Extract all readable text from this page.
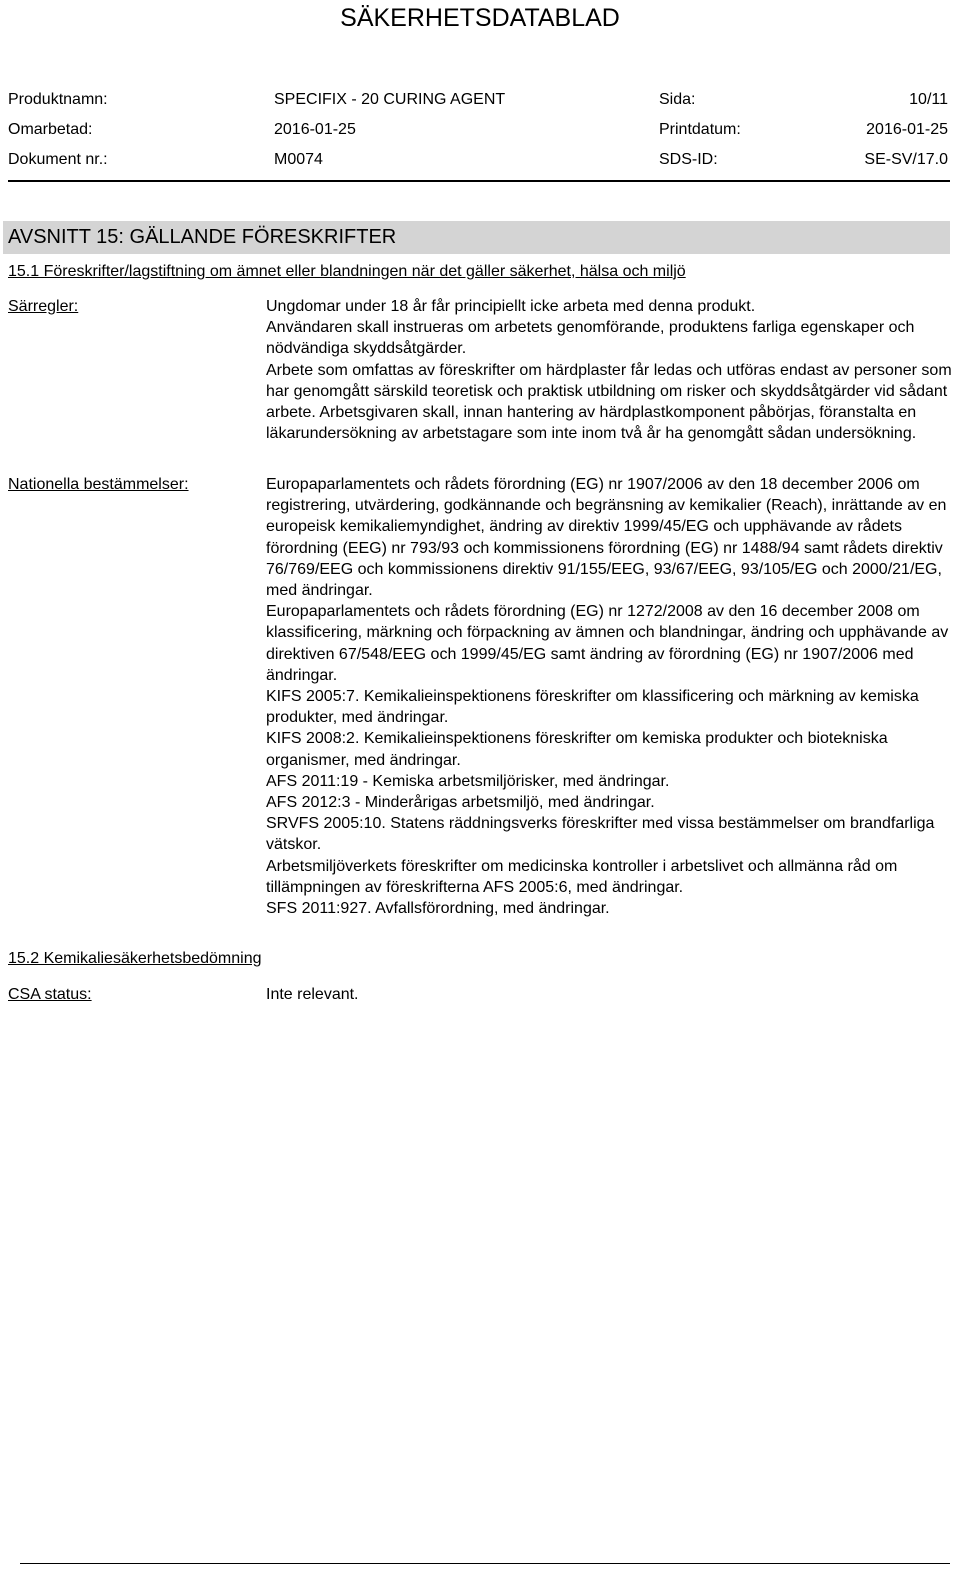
SÄKERHETSDATABLAD
Produktnamn:	SPECIFIX - 20 CURING AGENT	Sida:	10/11
Omarbetad:	2016-01-25	Printdatum:	2016-01-25
Dokument nr.:	M0074	SDS-ID:	SE-SV/17.0
AVSNITT 15: GÄLLANDE FÖRESKRIFTER
15.1 Föreskrifter/lagstiftning om ämnet eller blandningen när det gäller säkerhet, hälsa och miljö
Särregler:	Ungdomar under 18 år får principiellt icke arbeta med denna produkt.

Användaren skall instrueras om arbetets genomförande, produktens farliga egenskaper och nödvändiga skyddsåtgärder.

Arbete som omfattas av föreskrifter om härdplaster får ledas och utföras endast av personer som har genomgått särskild teoretisk och praktisk utbildning om risker och skyddsåtgärder vid sådant arbete. Arbetsgivaren skall, innan hantering av härdplastkomponent påbörjas, föranstalta en läkarundersökning av arbetstagare som inte inom två år ha genomgått sådan undersökning.

Nationella bestämmelser:	Europaparlamentets och rådets förordning (EG) nr 1907/2006 av den 18 december 2006 om registrering, utvärdering, godkännande och begränsning av kemikalier (Reach), inrättande av en europeisk kemikaliemyndighet, ändring av direktiv 1999/45/EG och upphävande av rådets förordning (EEG) nr 793/93 och kommissionens förordning (EG) nr 1488/94 samt rådets direktiv 76/769/EEG och kommissionens direktiv 91/155/EEG, 93/67/EEG, 93/105/EG och 2000/21/EG, med ändringar.

Europaparlamentets och rådets förordning (EG) nr 1272/2008 av den 16 december 2008 om klassificering, märkning och förpackning av ämnen och blandningar, ändring och upphävande av direktiven 67/548/EEG och 1999/45/EG samt ändring av förordning (EG) nr 1907/2006 med ändringar.

KIFS 2005:7. Kemikalieinspektionens föreskrifter om klassificering och märkning av kemiska produkter, med ändringar.

KIFS 2008:2. Kemikalieinspektionens föreskrifter om kemiska produkter och biotekniska organismer, med ändringar.

AFS 2011:19 - Kemiska arbetsmiljörisker, med ändringar.

AFS 2012:3 - Minderårigas arbetsmiljö, med ändringar.

SRVFS 2005:10. Statens räddningsverks föreskrifter med vissa bestämmelser om brandfarliga vätskor.

Arbetsmiljöverkets föreskrifter om medicinska kontroller i arbetslivet och allmänna råd om tillämpningen av föreskrifterna AFS 2005:6, med ändringar.

SFS 2011:927. Avfallsförordning, med ändringar.

15.2 Kemikaliesäkerhetsbedömning
CSA status:	Inte relevant.
